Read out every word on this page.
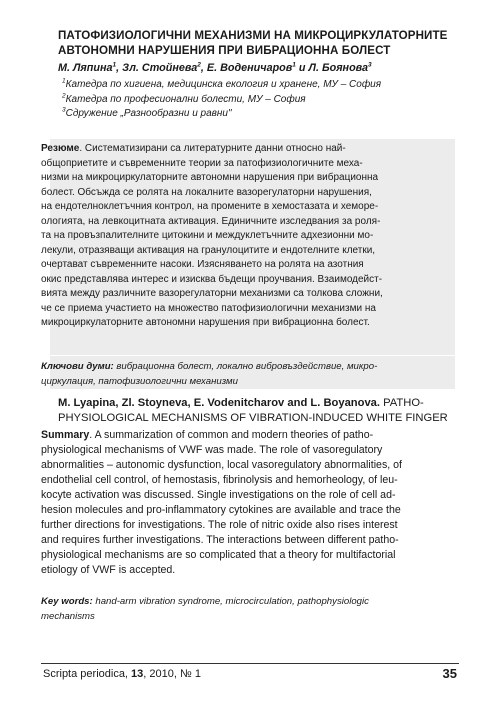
ПАТОФИЗИОЛОГИЧНИ МЕХАНИЗМИ НА МИКРОЦИРКУЛАТОРНИТЕ
АВТОНОМНИ НАРУШЕНИЯ ПРИ ВИБРАЦИОННА БОЛЕСТ
М. Ляпина$^1$, Зл. Стойнева$^2$, Е. Воденичаров$^1$ и Л. Боянова$^3$
$^1$Катедра по хигиена, медицинска екология и хранене, МУ – София
$^2$Катедра по професионални болести, МУ – София
$^3$Сдружение „Разнообразни и равни"
Резюме. Систематизирани са литературните данни относно най-
общоприетите и съвременните теории за патофизиологичните меха-
низми на микроциркулаторните автономни нарушения при вибрационна
болест. Обсъжда се ролята на локалните вазорегулаторни нарушения,
на ендотелноклетъчния контрол, на промените в хемостазата и хеморе-
ологията, на левкоцитната активация. Единичните изследвания за роля-
та на провъзпалителните цитокини и междуклетъчните адхезионни мо-
лекули, отразяващи активация на гранулоцитите и ендотелните клетки,
очертават съвременните насоки. Изясняването на ролята на азотния
окис представлява интерес и изисква бъдещи проучвания. Взаимодейст-
вията между различните вазорегулаторни механизми са толкова сложни,
че се приема участието на множество патофизиологични механизми на
микроциркулаторните автономни нарушения при вибрационна болест.
Ключови думи: вибрационна болест, локално вибровъздействие, микро-
циркулация, патофизиологични механизми
M. Lyapina, Zl. Stoyneva, E. Vodenitcharov and L. Boyanova. PATHO-
PHYSIOLOGICAL MECHANISMS OF VIBRATION-INDUCED WHITE FINGER
Summary. A summarization of common and modern theories of patho-
physiological mechanisms of VWF was made. The role of vasoregulatory
abnormalities – autonomic dysfunction, local vasoregulatory abnormalities, of
endothelial cell control, of hemostasis, fibrinolysis and hemorheology, of leu-
kocyte activation was discussed. Single investigations on the role of cell ad-
hesion molecules and pro-inflammatory cytokines are available and trace the
further directions for investigations. The role of nitric oxide also rises interest
and requires further investigations. The interactions between different patho-
physiological mechanisms are so complicated that a theory for multifactorial
etiology of VWF is accepted.
Key words: hand-arm vibration syndrome, microcirculation, pathophysiologic
mechanisms
Scripta periodica, 13, 2010, № 1	35
